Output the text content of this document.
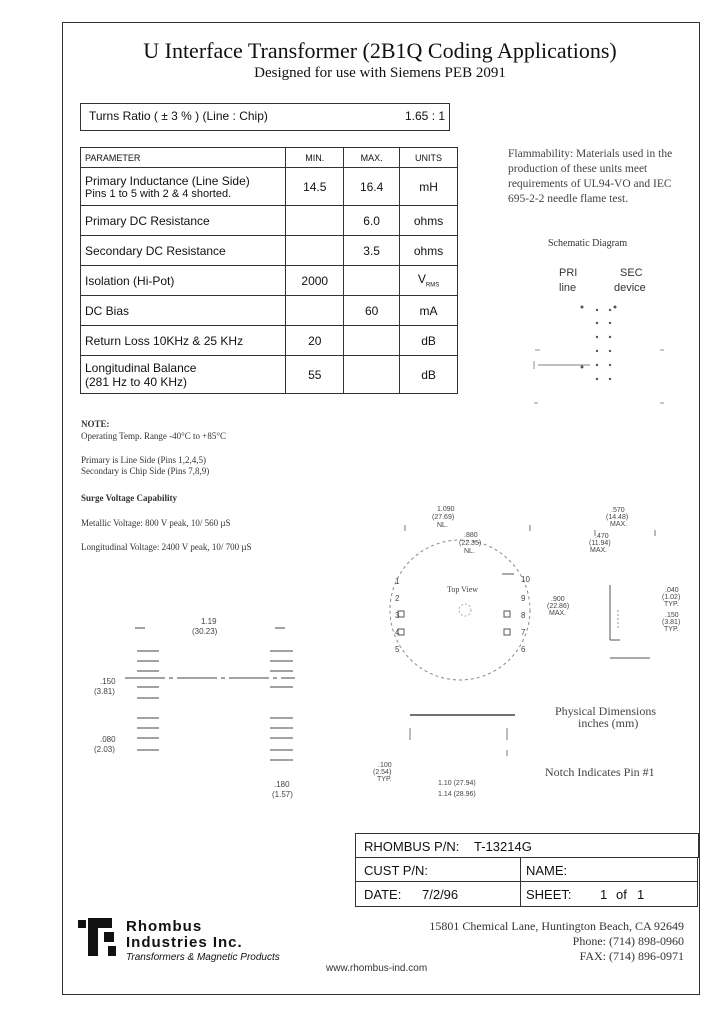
U Interface Transformer (2B1Q Coding Applications)
Designed for use with Siemens PEB 2091
Turns Ratio ( ± 3 % ) (Line : Chip)	1.65 : 1
PARAMETER	MIN.	MAX.	UNITS

Primary Inductance (Line Side)
Pins 1 to 5 with 2 & 4 shorted.	14.5	16.4	mH
Primary DC Resistance		6.0	ohms
Secondary DC Resistance		3.5	ohms
Isolation (Hi-Pot)	2000		$V_{RMS}$
DC Bias		60	mA
Return Loss 10KHz & 25 KHz	20		dB

Longitudinal Balance
(281 Hz to 40 KHz)	55		dB
NOTE:
Operating Temp. Range -40°C to +85°C
Primary is Line Side (Pins 1,2,4,5)
Secondary is Chip Side (Pins 7,8,9)
Surge Voltage Capability
Metallic Voltage: 800 V peak, 10/ 560 µS
Longitudinal Voltage: 2400 V peak, 10/ 700 µS
Flammability: Materials used in the production of these units meet requirements of UL94-VO and IEC 695-2-2 needle flame test.
Schematic Diagram
PRI
line
SEC
device
1.19
(30.23)
.150
(3.81)
.080
(2.03)
.180
(1.57)
Top View
1
2
3
4
5
10
9
8
7
6
1.090
(27.69)
NL.
.880
(22.35)
NL.
.570
(14.48)
MAX.
.470
(11.94)
MAX.
.900
(22.86)
MAX.
.040
(1.02)
TYP.
.150
(3.81)
TYP.
.100
(2.54)
TYP.
1.10 (27.94)
1.14 (28.96)
Physical Dimensions
inches (mm)
Notch Indicates Pin #1
RHOMBUS P/N: T-13214G
CUST P/N:	NAME:
DATE: 7/2/96	SHEET: 1 of 1
Rhombus
Industries Inc.
Transformers & Magnetic Products
15801 Chemical Lane, Huntington Beach, CA 92649
Phone: (714) 898-0960
FAX: (714) 896-0971
www.rhombus-ind.com
